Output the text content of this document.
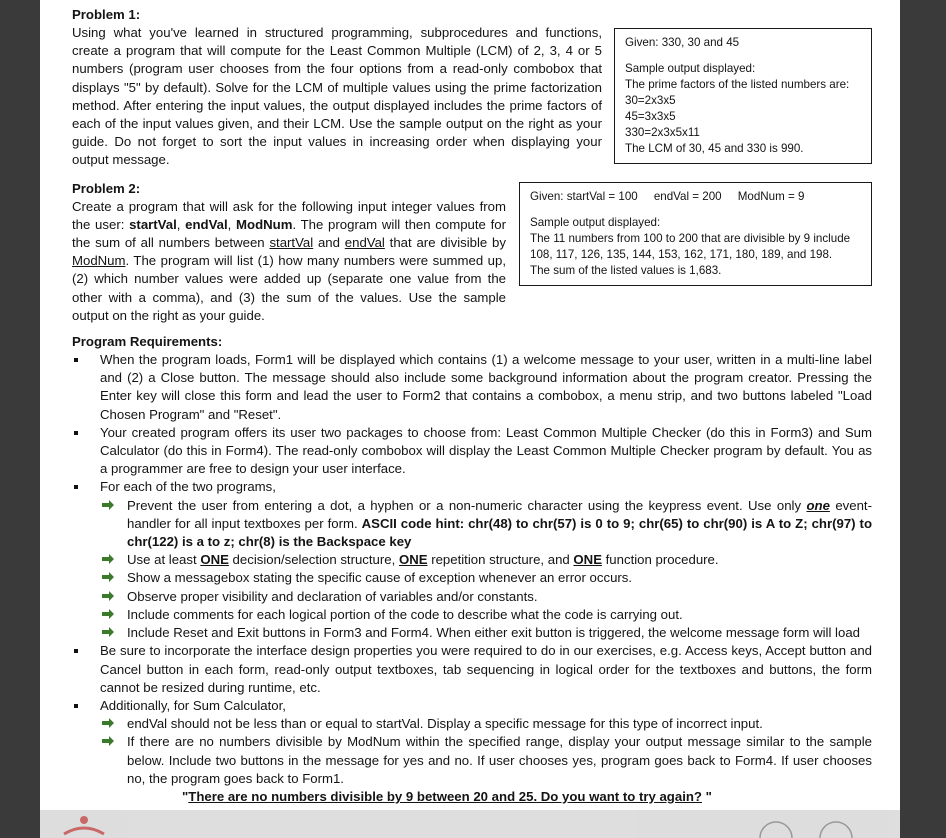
Problem 1:

Using what you've learned in structured programming, subprocedures and functions, create a program that will compute for the Least Common Multiple (LCM) of 2, 3, 4 or 5 numbers (program user chooses from the four options from a read-only combobox that displays "5" by default). Solve for the LCM of multiple values using the prime factorization method. After entering the input values, the output displayed includes the prime factors of each of the input values given, and their LCM. Use the sample output on the right as your guide. Do not forget to sort the input values in increasing order when displaying your output message.

Given: 330, 30 and 45
Sample output displayed:
The prime factors of the listed numbers are:
30=2x3x5
45=3x3x5
330=2x3x5x11
The LCM of 30, 45 and 330 is 990.

Problem 2:

Create a program that will ask for the following input integer values from the user: startVal, endVal, ModNum. The program will then compute for the sum of all numbers between startVal and endVal that are divisible by ModNum. The program will list (1) how many numbers were summed up, (2) which number values were added up (separate one value from the other with a comma), and (3) the sum of the values. Use the sample output on the right as your guide.

Given: startVal = 100     endVal = 200     ModNum = 9
Sample output displayed:
The 11 numbers from 100 to 200 that are divisible by 9 include 108, 117, 126, 135, 144, 153, 162, 171, 180, 189, and 198.
The sum of the listed values is 1,683.

Program Requirements:

When the program loads, Form1 will be displayed which contains (1) a welcome message to your user, written in a multi-line label and (2) a Close button. The message should also include some background information about the program creator. Pressing the Enter key will close this form and lead the user to Form2 that contains a combobox, a menu strip, and two buttons labeled "Load Chosen Program" and "Reset".
Your created program offers its user two packages to choose from: Least Common Multiple Checker (do this in Form3) and Sum Calculator (do this in Form4). The read-only combobox will display the Least Common Multiple Checker program by default. You as a programmer are free to design your user interface.
For each of the two programs,
Prevent the user from entering a dot, a hyphen or a non-numeric character using the keypress event. Use only one event-handler for all input textboxes per form. ASCII code hint: chr(48) to chr(57) is 0 to 9; chr(65) to chr(90) is A to Z; chr(97) to chr(122) is a to z; chr(8) is the Backspace key
Use at least ONE decision/selection structure, ONE repetition structure, and ONE function procedure.
Show a messagebox stating the specific cause of exception whenever an error occurs.
Observe proper visibility and declaration of variables and/or constants.
Include comments for each logical portion of the code to describe what the code is carrying out.
Include Reset and Exit buttons in Form3 and Form4. When either exit button is triggered, the welcome message form will load
Be sure to incorporate the interface design properties you were required to do in our exercises, e.g. Access keys, Accept button and Cancel button in each form, read-only output textboxes, tab sequencing in logical order for the textboxes and buttons, the form cannot be resized during runtime, etc.
Additionally, for Sum Calculator,
endVal should not be less than or equal to startVal. Display a specific message for this type of incorrect input.
If there are no numbers divisible by ModNum within the specified range, display your output message similar to the sample below. Include two buttons in the message for yes and no. If user chooses yes, program goes back to Form4. If user chooses no, the program goes back to Form1.
"There are no numbers divisible by 9 between 20 and 25. Do you want to try again? "
